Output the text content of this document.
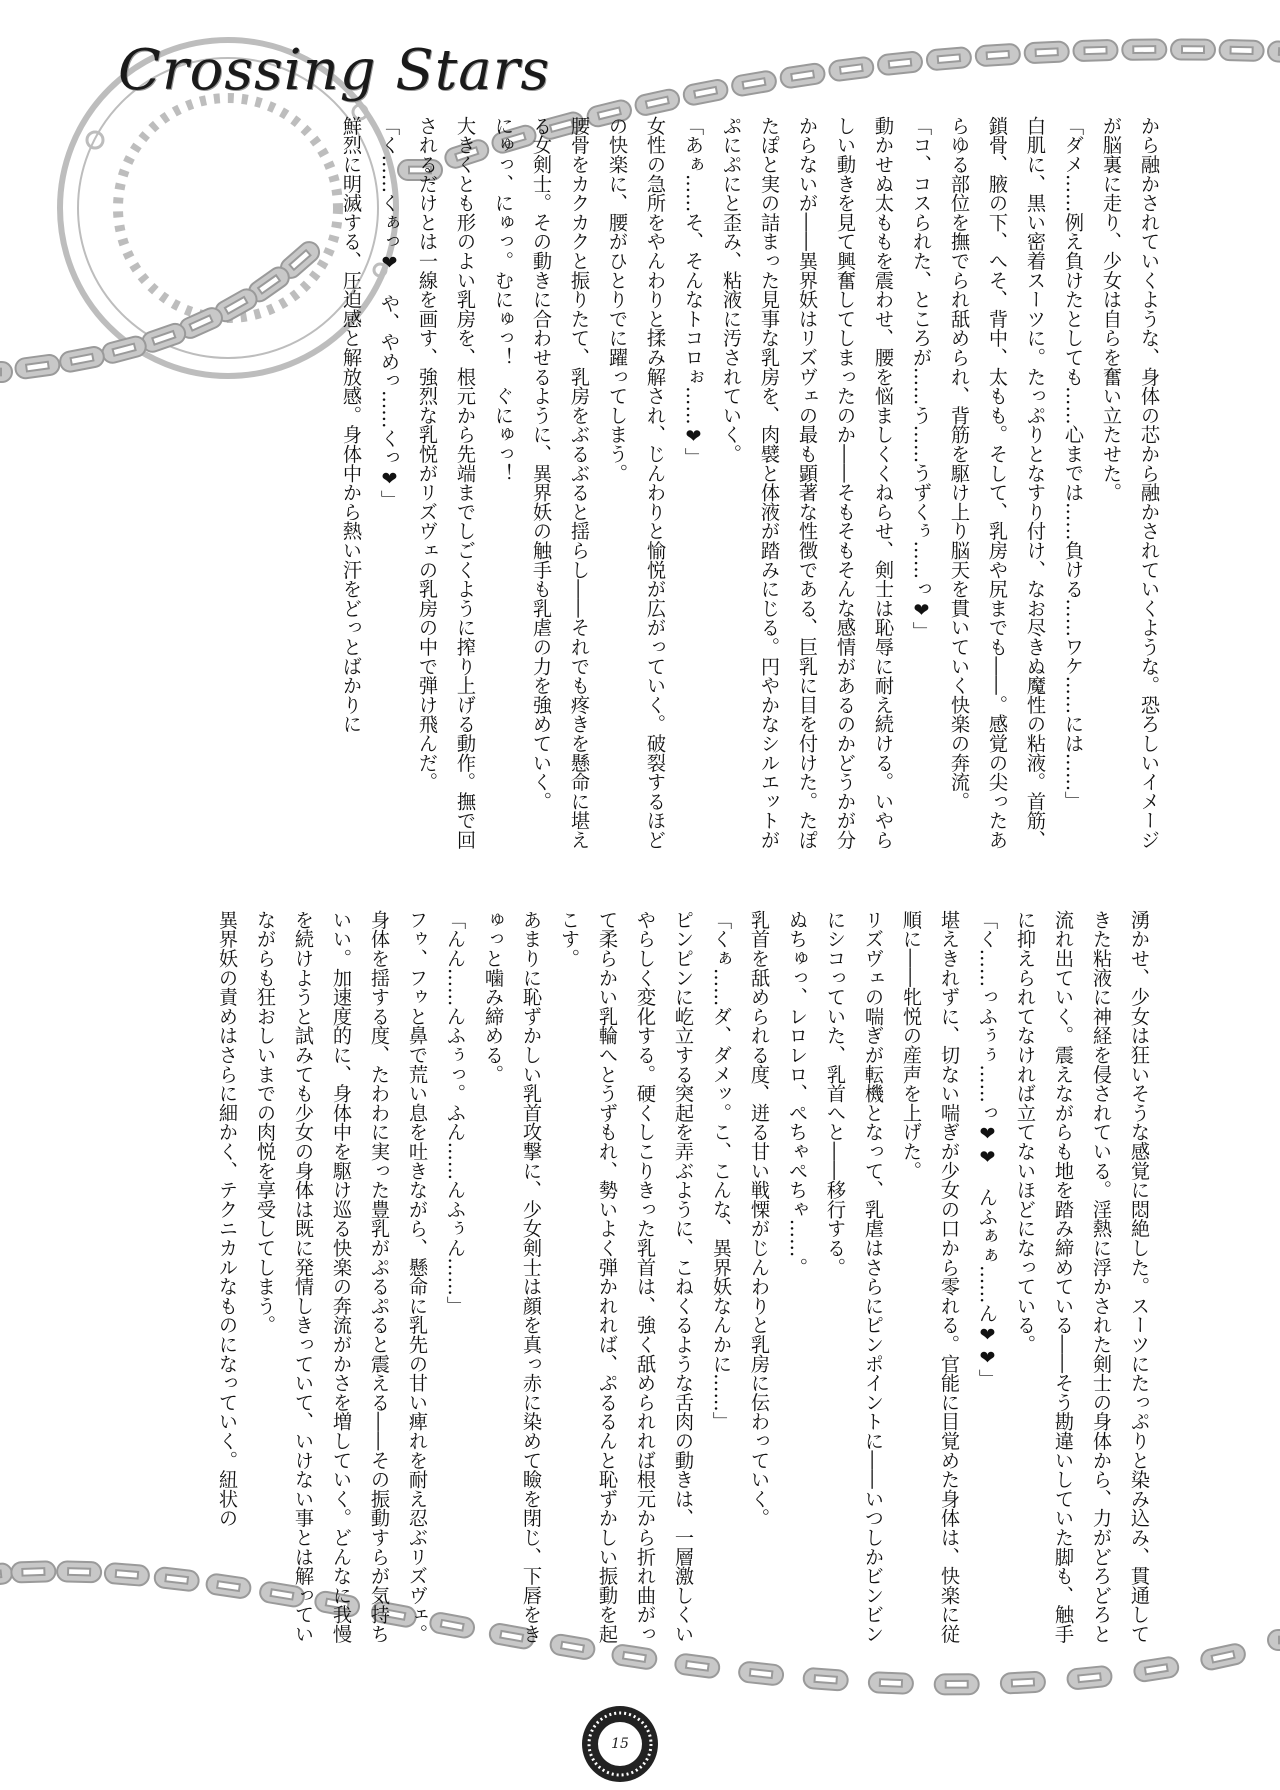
Crossing Stars

から融かされていくような、身体の芯から融かされていくような。恐ろしいイメージが脳裏に走り、少女は自らを奮い立たせた。

「ダメ……例え負けたとしても……心までは……負ける……ワケ……には……」

白肌に、黒い密着スーツに。たっぷりとなすり付け、なお尽きぬ魔性の粘液。首筋、鎖骨、腋の下、へそ、背中、太もも。そして、乳房や尻までも――。感覚の尖ったあらゆる部位を撫でられ舐められ、背筋を駆け上り脳天を貫いていく快楽の奔流。

「コ、コスられた、ところが……う……うずくぅ……っ❤」

動かせぬ太ももを震わせ、腰を悩ましくくねらせ、剣士は恥辱に耐え続ける。いやらしい動きを見て興奮してしまったのか――そもそもそんな感情があるのかどうかが分からないが――異界妖はリズヴェの最も顕著な性徴である、巨乳に目を付けた。たぽたぽと実の詰まった見事な乳房を、肉襞と体液が踏みにじる。円やかなシルエットがぷにぷにと歪み、粘液に汚されていく。

「あぁ……そ、そんなトコロぉ……❤」

女性の急所をやんわりと揉み解され、じんわりと愉悦が広がっていく。破裂するほどの快楽に、腰がひとりでに躍ってしまう。

腰骨をカクカクと振りたて、乳房をぶるぶると揺らし――それでも疼きを懸命に堪える女剣士。その動きに合わせるように、異界妖の触手も乳虐の力を強めていく。

にゅっ、にゅっ。むにゅっ！　ぐにゅっ！

大きくとも形のよい乳房を、根元から先端までしごくように搾り上げる動作。撫で回されるだけとは一線を画す、強烈な乳悦がリズヴェの乳房の中で弾け飛んだ。

「く……くぁっ❤　や、やめっ……くっ❤」

鮮烈に明滅する、圧迫感と解放感。身体中から熱い汗をどっとばかりに

湧かせ、少女は狂いそうな感覚に悶絶した。スーツにたっぷりと染み込み、貫通してきた粘液に神経を侵されている。淫熱に浮かされた剣士の身体から、力がどろどろと流れ出ていく。震えながらも地を踏み締めている――そう勘違いしていた脚も、触手に抑えられてなければ立てないほどになっている。

「く……っふぅぅ……っ❤❤　んふぁぁ……ん❤❤」

堪えきれずに、切ない喘ぎが少女の口から零れる。官能に目覚めた身体は、快楽に従順に――牝悦の産声を上げた。

リズヴェの喘ぎが転機となって、乳虐はさらにピンポイントに――いつしかビンビンにシコっていた、乳首へと――移行する。

ぬちゅっ、レロレロ、ぺちゃぺちゃ……。

乳首を舐められる度、迸る甘い戦慄がじんわりと乳房に伝わっていく。

「くぁ……ダ、ダメッ。こ、こんな、異界妖なんかに……」

ピンピンに屹立する突起を弄ぶように、こねくるような舌肉の動きは、一層激しくいやらしく変化する。硬くしこりきった乳首は、強く舐められれば根元から折れ曲がって柔らかい乳輪へとうずもれ、勢いよく弾かれれば、ぷるるんと恥ずかしい振動を起こす。

あまりに恥ずかしい乳首攻撃に、少女剣士は顔を真っ赤に染めて瞼を閉じ、下唇をきゅっと噛み締める。

「んん……んふぅっ。ふん……んふぅん……」

フゥ、フゥと鼻で荒い息を吐きながら、懸命に乳先の甘い痺れを耐え忍ぶリズヴェ。身体を揺する度、たわわに実った豊乳がぷるぷると震える――その振動すらが気持ちいい。加速度的に、身体中を駆け巡る快楽の奔流がかさを増していく。どんなに我慢を続けようと試みても少女の身体は既に発情しきっていて、いけない事とは解っていながらも狂おしいまでの肉悦を享受してしまう。

異界妖の責めはさらに細かく、テクニカルなものになっていく。紐状の

15
